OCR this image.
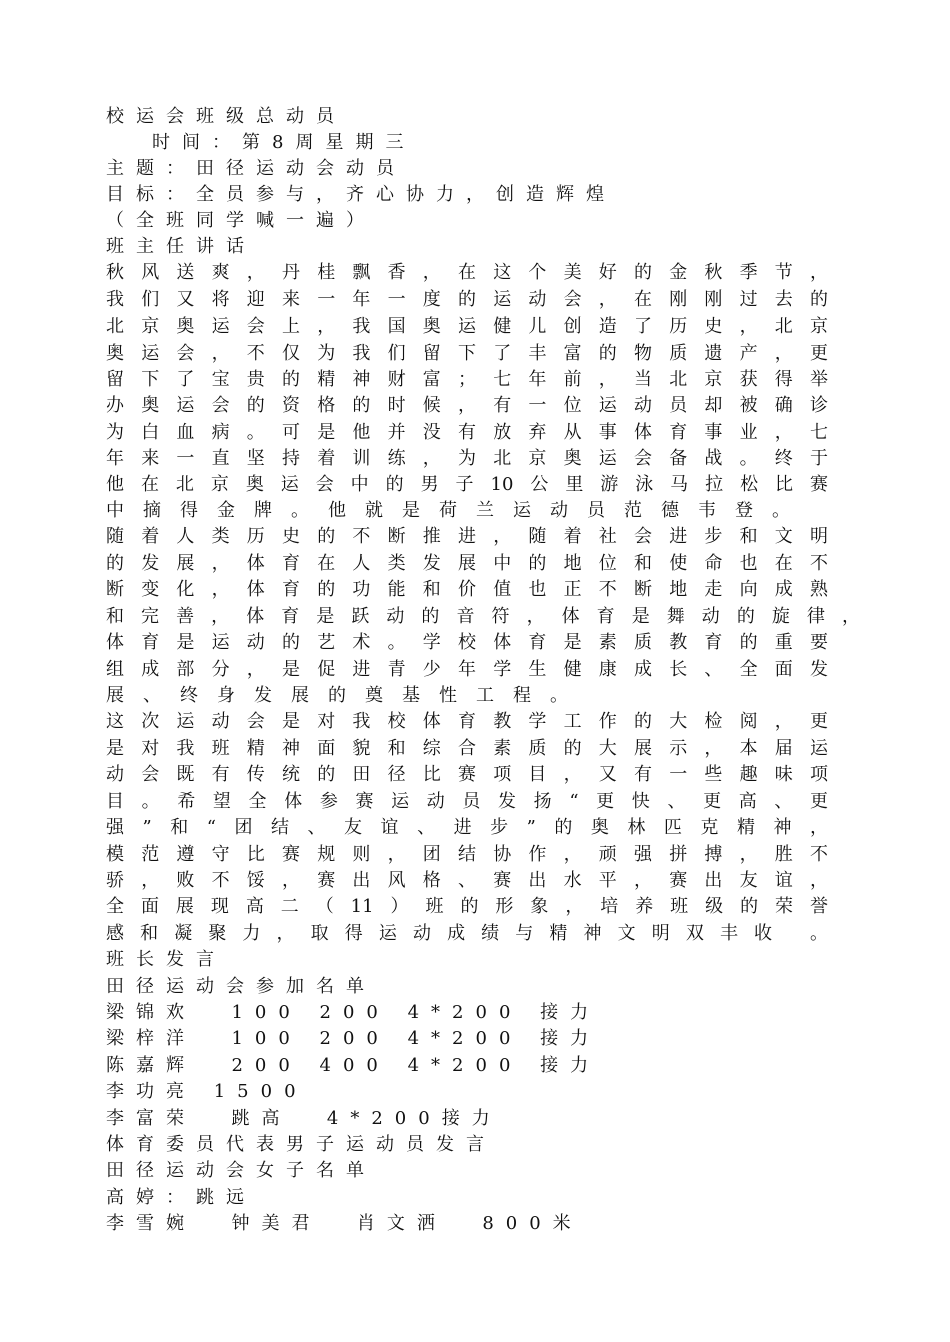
校运会班级总动员
时间：第8周星期三
主题：田径运动会动员
目标：全员参与，齐心协力，创造辉煌
（全班同学喊一遍）
班主任讲话
秋风送爽，丹桂飘香，在这个美好的金秋季节，
我们又将迎来一年一度的运动会，在刚刚过去的
北京奥运会上，我国奥运健儿创造了历史，北京
奥运会，不仅为我们留下了丰富的物质遗产，更
留下了宝贵的精神财富；七年前，当北京获得举
办奥运会的资格的时候，有一位运动员却被确诊
为白血病。可是他并没有放弃从事体育事业，七
年来一直坚持着训练，为北京奥运会备战。终于
他在北京奥运会中的男子10公里游泳马拉松比赛
中摘得金牌。他就是荷兰运动员范德韦登。
随着人类历史的不断推进，随着社会进步和文明
的发展，体育在人类发展中的地位和使命也在不
断变化，体育的功能和价值也正不断地走向成熟
和完善，体育是跃动的音符，体育是舞动的旋律，
体育是运动的艺术。学校体育是素质教育的重要
组成部分，是促进青少年学生健康成长、全面发
展、终身发展的奠基性工程。
这次运动会是对我校体育教学工作的大检阅，更
是对我班精神面貌和综合素质的大展示，本届运
动会既有传统的田径比赛项目，又有一些趣味项
目。希望全体参赛运动员发扬“更快、更高、更
强”和“团结、友谊、进步”的奥林匹克精神，
模范遵守比赛规则，团结协作，顽强拼搏，胜不
骄，败不馁，赛出风格、赛出水平，赛出友谊，
全面展现高二（11）班的形象，培养班级的荣誉
感和凝聚力，取得运动成绩与精神文明双丰收 。
班长发言
田径运动会参加名单
梁锦欢  100 200 4*200 接力
梁梓洋  100 200 4*200 接力
陈嘉辉  200 400 4*200 接力
李功亮 1500
李富荣  跳高  4*200接力
体育委员代表男子运动员发言
田径运动会女子名单
高婷：跳远
李雪婉  钟美君  肖文洒  800米
